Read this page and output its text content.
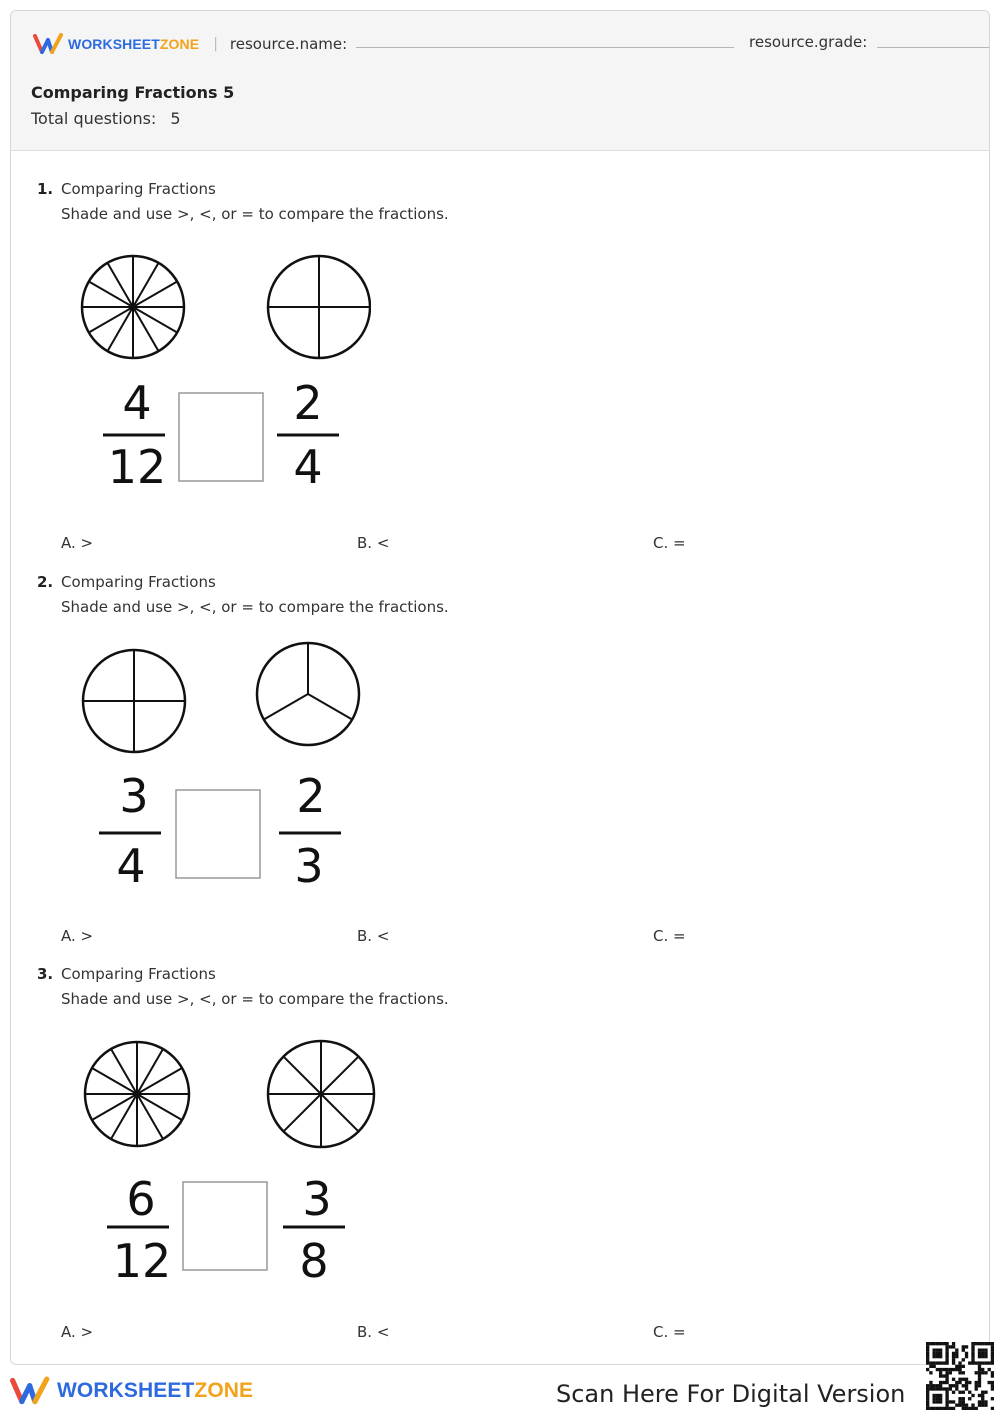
WORKSHEETZONE | resource.name:	resource.grade:
Comparing Fractions 5
Total questions: 5
1. Comparing Fractions
Shade and use >, <, or = to compare the fractions.
4
12
2
4
A. >	B. <	C. =
2. Comparing Fractions
Shade and use >, <, or = to compare the fractions.
3
4
2
3
A. >	B. <	C. =
3. Comparing Fractions
Shade and use >, <, or = to compare the fractions.
6
12
3
8
A. >	B. <	C. =
WORKSHEETZONE	Scan Here For Digital Version
